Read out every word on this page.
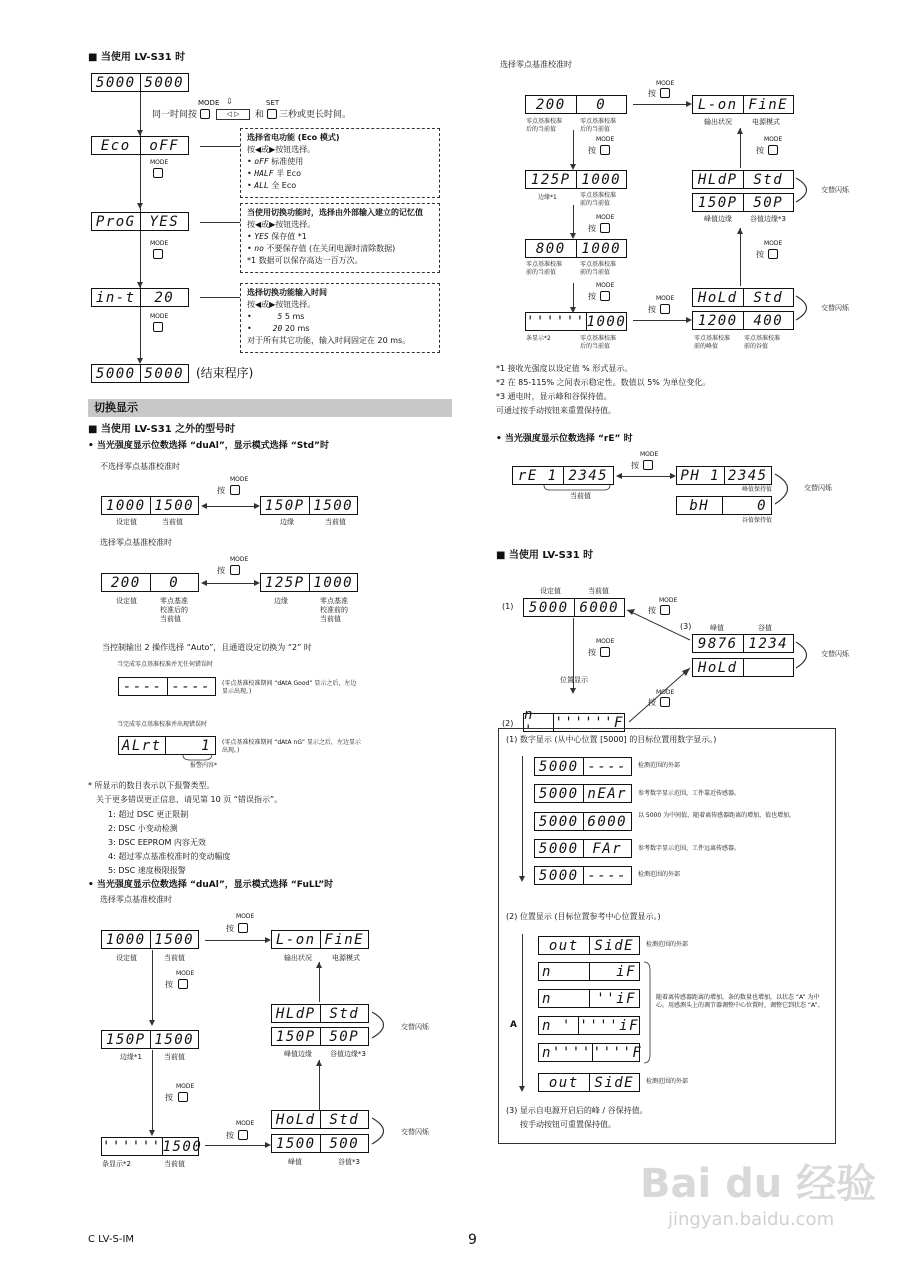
■ 当使用 LV-S31 时
5000 5000
MODE	SET
同一时间按	◁ ▷
⇩
和 三秒或更长时间。
Eco	oFF
MODE
选择省电功能 (Eco 模式)
按◀或▶按钮选择。
• oFF 标准使用
• HALF 半 Eco
• ALL 全 Eco
ProG YES
MODE
当使用切换功能时，选择由外部输入建立的记忆值
按◀或▶按钮选择。
• YES 保存值 *1
• no 不要保存值 (在关闭电源时清除数据)
*1 数据可以保存高达一百万次。
in-t	20
MODE
选择切换功能输入时间
按◀或▶按钮选择。
•	5 5 ms
• 20 20 ms
对于所有其它功能，输入时间固定在 20 ms。
5000 5000 (结束程序)
切换显示
■ 当使用 LV-S31 之外的型号时
• 当光强度显示位数选择 “duAl”，显示模式选择 “Std”时
不选择零点基准校准时
1000 1500
设定值	当前值
MODE
按
150P 1500
边缘	当前值
选择零点基准校准时
200	0
设定值	零点基准
校准后的
当前值
MODE
按
125P 1000
边缘	零点基准
校准前的
当前值
当控制输出 2 操作选择 “Auto”，且通道设定切换为 “2” 时
当完成零点基准校准并无任何错误时
---- ----	(零点基准校准期间 “dAtA Good” 显示之后，左边显示出现。)
当完成零点基准校准并出现错误时
ALrt	1	(零点基准校准期间 “dAtA nG” 显示之后，左边显示出现。)
报警内容*
* 所显示的数目表示以下报警类型。
关于更多错误更正信息，请见第 10 页 “错误指示”。
1: 超过 DSC 更正限制
2: DSC 小变动检测
3: DSC EEPROM 内容无效
4: 超过零点基准校准时的变动幅度
5: DSC 速度极限报警
• 当光强度显示位数选择 “duAl”，显示模式选择 “FuLL”时
选择零点基准校准时
1000 1500
设定值	当前值
MODE
按
L-on FinE
输出状况	电源模式
MODE
按
HLdP Std
150P 50P
峰值边缘	谷值边缘*3
交替闪烁
150P 1500
边缘*1	当前值
MODE
按
MODE
按
HoLd Std
1500 500
峰值	谷值*3
交替闪烁
'''''' 1500
条显示*2	当前值
选择零点基准校准时
200	0
零点基准校准
后的当前值
零点基准校准
后的当前值
MODE
按
L-on FinE
输出状况	电源模式
MODE
按
MODE
按
125P 1000
边缘*1	零点基准校准
前的当前值
HLdP	Std
150P	50P
峰值边缘	谷值边缘*3
交替闪烁
MODE
按
MODE
按
800	1000
零点基准校准
前的当前值
零点基准校准
前的当前值
MODE
按
'''''' 1000
条显示*2	零点基准校准
后的当前值
MODE
按
HoLd	Std
1200	400
零点基准校准
前的峰值
零点基准校准
前的谷值
交替闪烁
*1 接收光强度以设定值 % 形式显示。
*2 在 85-115% 之间表示稳定性。数值以 5% 为单位变化。
*3 通电时，显示峰和谷保持值。
可通过按手动按钮来重置保持值。
• 当光强度显示位数选择 “rE” 时
rE 1 2345
当前值
MODE
按
PH 1 2345
峰值保持值
bH	0
谷值保持值
交替闪烁
■ 当使用 LV-S31 时
设定值	当前值
(1)	5000 6000	MODE
按
(3)	峰值	谷值
9876 1234
HoLd
交替闪烁
MODE
按
位置显示
(2)
n '	''''''F
MODE
按
(1) 数字显示 (从中心位置 [5000] 的目标位置用数字显示。)
5000 ----	检测范围的外部
5000 nEAr	参考数字显示范围，工件靠近传感器。
5000 6000	以 5000 为中间值，随着离传感器距离的增加，值也增加。
5000 FAr	参考数字显示范围，工件远离传感器。
5000 ----	检测范围的外部
(2) 位置显示 (目标位置参考中心位置显示。)
A
out	SidE	检测范围的外部
n	iF
n	''iF
n ' ''''iF
n'''' ''''F
out	SidE	检测范围的外部
随着离传感器距离的增加，条的数量也增加，以状态 “A” 为中心。用感测头上的调节器调整中心位置时，调整它到状态 “A”。
(3) 显示自电源开启后的峰 / 谷保持值。
按手动按钮可重置保持值。
C LV-S-IM	9
Bai du 经验
jingyan.baidu.com
